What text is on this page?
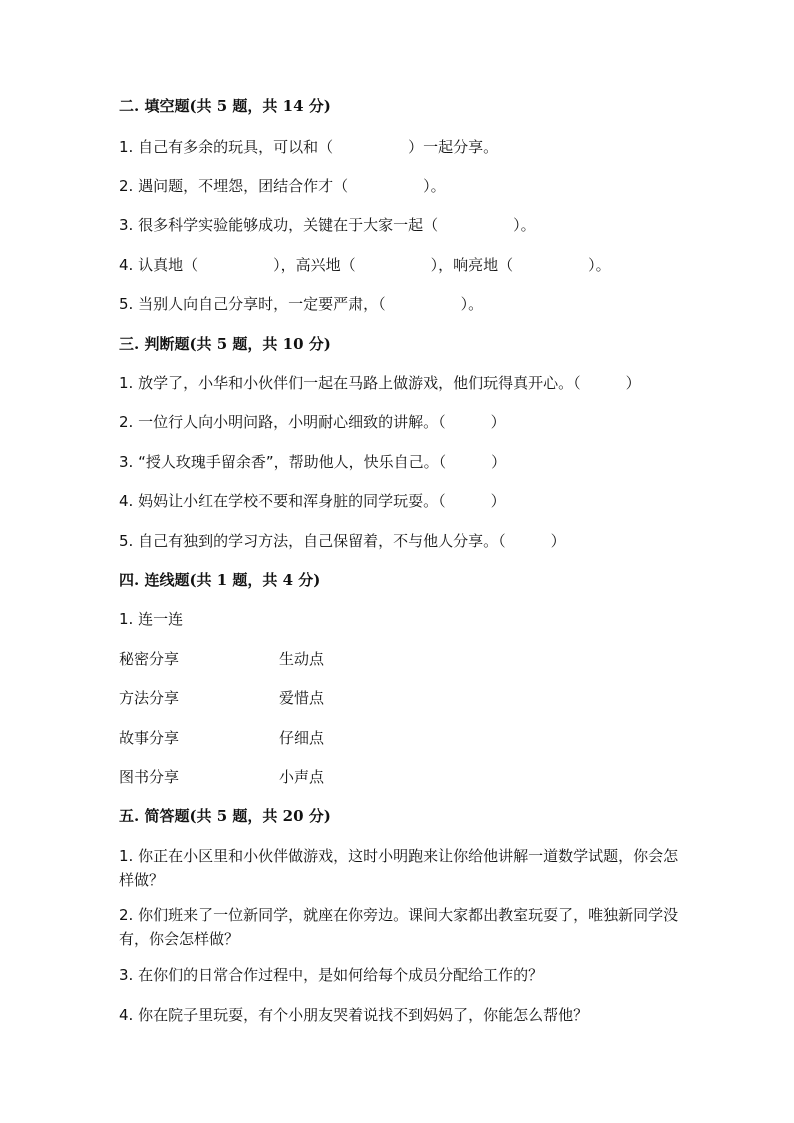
二. 填空题(共 5 题，共 14 分)
1. 自己有多余的玩具，可以和（　　　　　）一起分享。
2. 遇问题，不埋怨，团结合作才（　　　　　）。
3. 很多科学实验能够成功，关键在于大家一起（　　　　　）。
4. 认真地（　　　　　），高兴地（　　　　　），响亮地（　　　　　）。
5. 当别人向自己分享时，一定要严肃，（　　　　　）。
三. 判断题(共 5 题，共 10 分)
1. 放学了，小华和小伙伴们一起在马路上做游戏，他们玩得真开心。（　　　）
2. 一位行人向小明问路，小明耐心细致的讲解。（　　　）
3. “授人玫瑰手留余香”，帮助他人，快乐自己。（　　　）
4. 妈妈让小红在学校不要和浑身脏的同学玩耍。（　　　）
5. 自己有独到的学习方法，自己保留着，不与他人分享。（　　　）
四. 连线题(共 1 题，共 4 分)
1. 连一连
秘密分享	生动点
方法分享	爱惜点
故事分享	仔细点
图书分享	小声点
五. 简答题(共 5 题，共 20 分)
1. 你正在小区里和小伙伴做游戏，这时小明跑来让你给他讲解一道数学试题，你会怎样做？
2. 你们班来了一位新同学，就座在你旁边。课间大家都出教室玩耍了，唯独新同学没有，你会怎样做？
3. 在你们的日常合作过程中，是如何给每个成员分配给工作的？
4. 你在院子里玩耍，有个小朋友哭着说找不到妈妈了，你能怎么帮他？
